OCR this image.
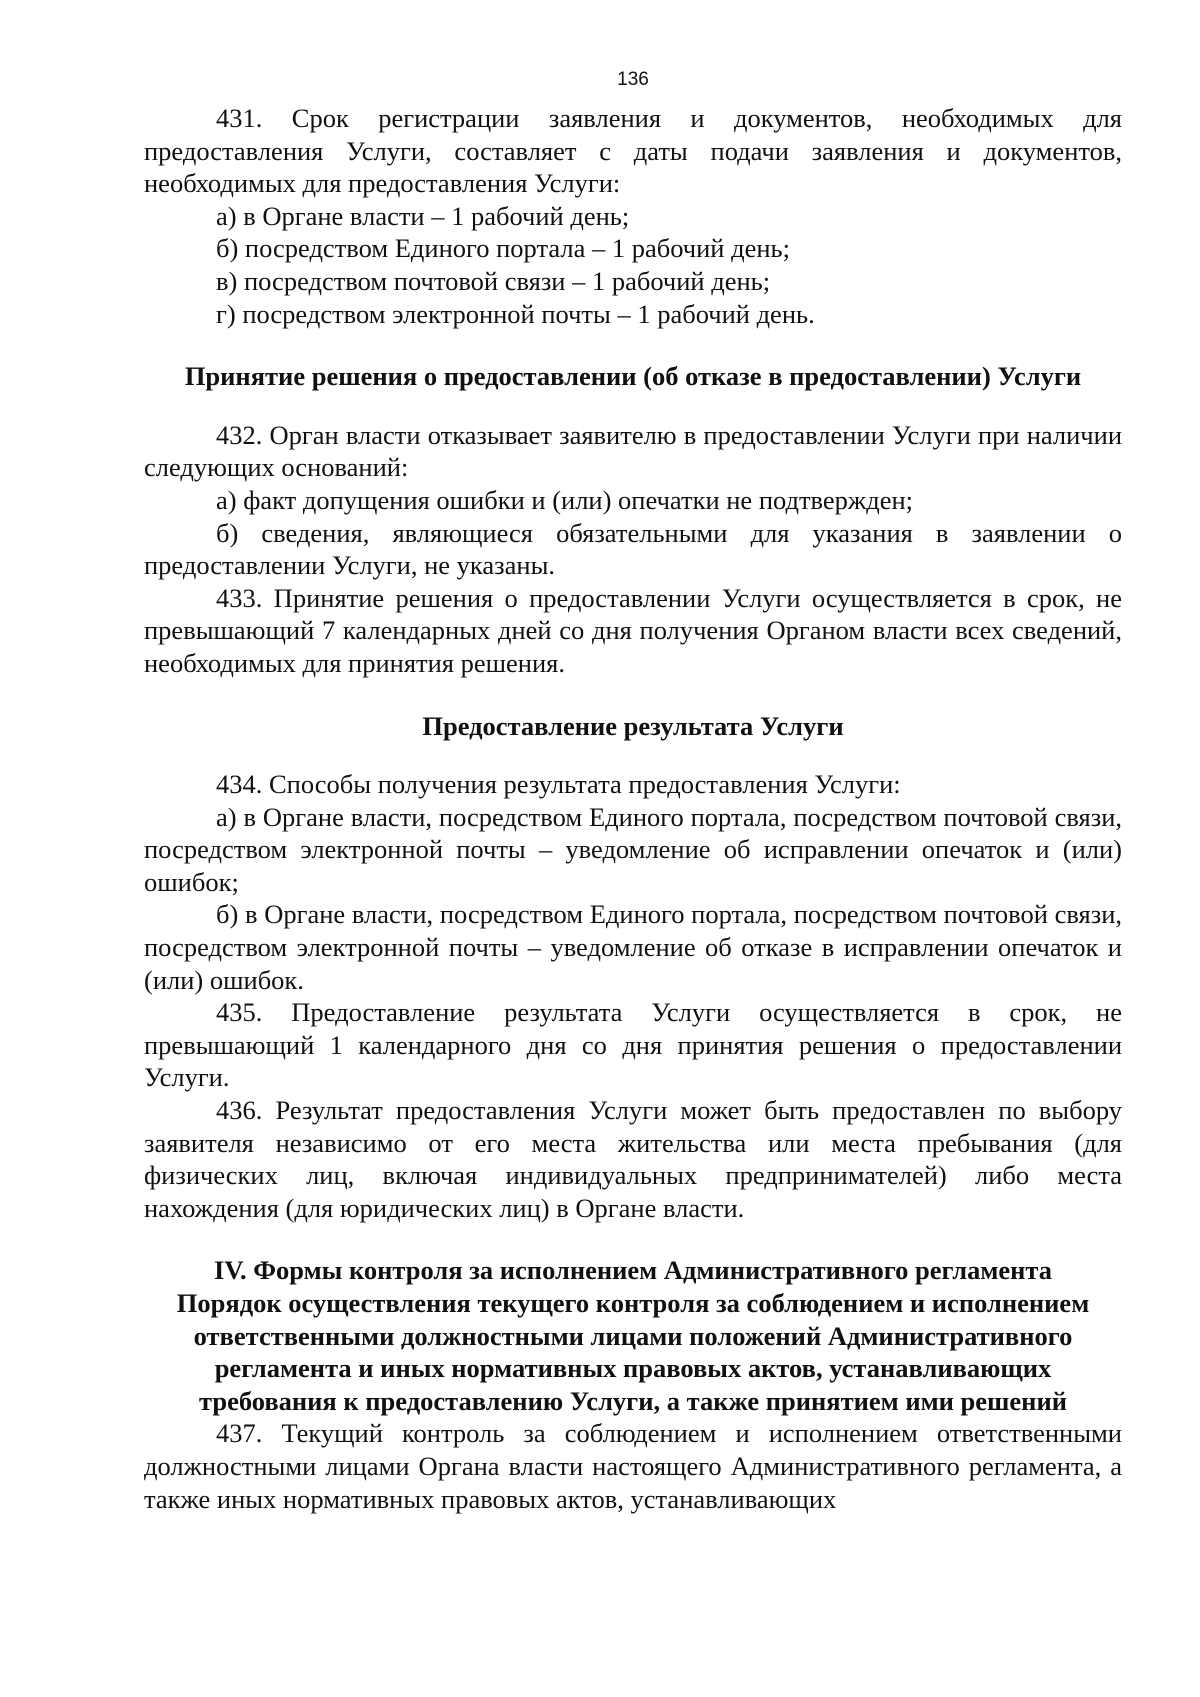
136

431. Срок регистрации заявления и документов, необходимых для предоставления Услуги, составляет с даты подачи заявления и документов, необходимых для предоставления Услуги:

а) в Органе власти – 1 рабочий день;

б) посредством Единого портала – 1 рабочий день;

в) посредством почтовой связи – 1 рабочий день;

г) посредством электронной почты – 1 рабочий день.

Принятие решения о предоставлении (об отказе в предоставлении) Услуги

432. Орган власти отказывает заявителю в предоставлении Услуги при наличии следующих оснований:

а) факт допущения ошибки и (или) опечатки не подтвержден;

б) сведения, являющиеся обязательными для указания в заявлении о предоставлении Услуги, не указаны.

433. Принятие решения о предоставлении Услуги осуществляется в срок, не превышающий 7 календарных дней со дня получения Органом власти всех сведений, необходимых для принятия решения.

Предоставление результата Услуги

434. Способы получения результата предоставления Услуги:

а) в Органе власти, посредством Единого портала, посредством почтовой связи, посредством электронной почты – уведомление об исправлении опечаток и (или) ошибок;

б) в Органе власти, посредством Единого портала, посредством почтовой связи, посредством электронной почты – уведомление об отказе в исправлении опечаток и (или) ошибок.

435. Предоставление результата Услуги осуществляется в срок, не превышающий 1 календарного дня со дня принятия решения о предоставлении Услуги.

436. Результат предоставления Услуги может быть предоставлен по выбору заявителя независимо от его места жительства или места пребывания (для физических лиц, включая индивидуальных предпринимателей) либо места нахождения (для юридических лиц) в Органе власти.

IV. Формы контроля за исполнением Административного регламента
Порядок осуществления текущего контроля за соблюдением и исполнением ответственными должностными лицами положений Административного регламента и иных нормативных правовых актов, устанавливающих требования к предоставлению Услуги, а также принятием ими решений

437. Текущий контроль за соблюдением и исполнением ответственными должностными лицами Органа власти настоящего Административного регламента, а также иных нормативных правовых актов, устанавливающих
